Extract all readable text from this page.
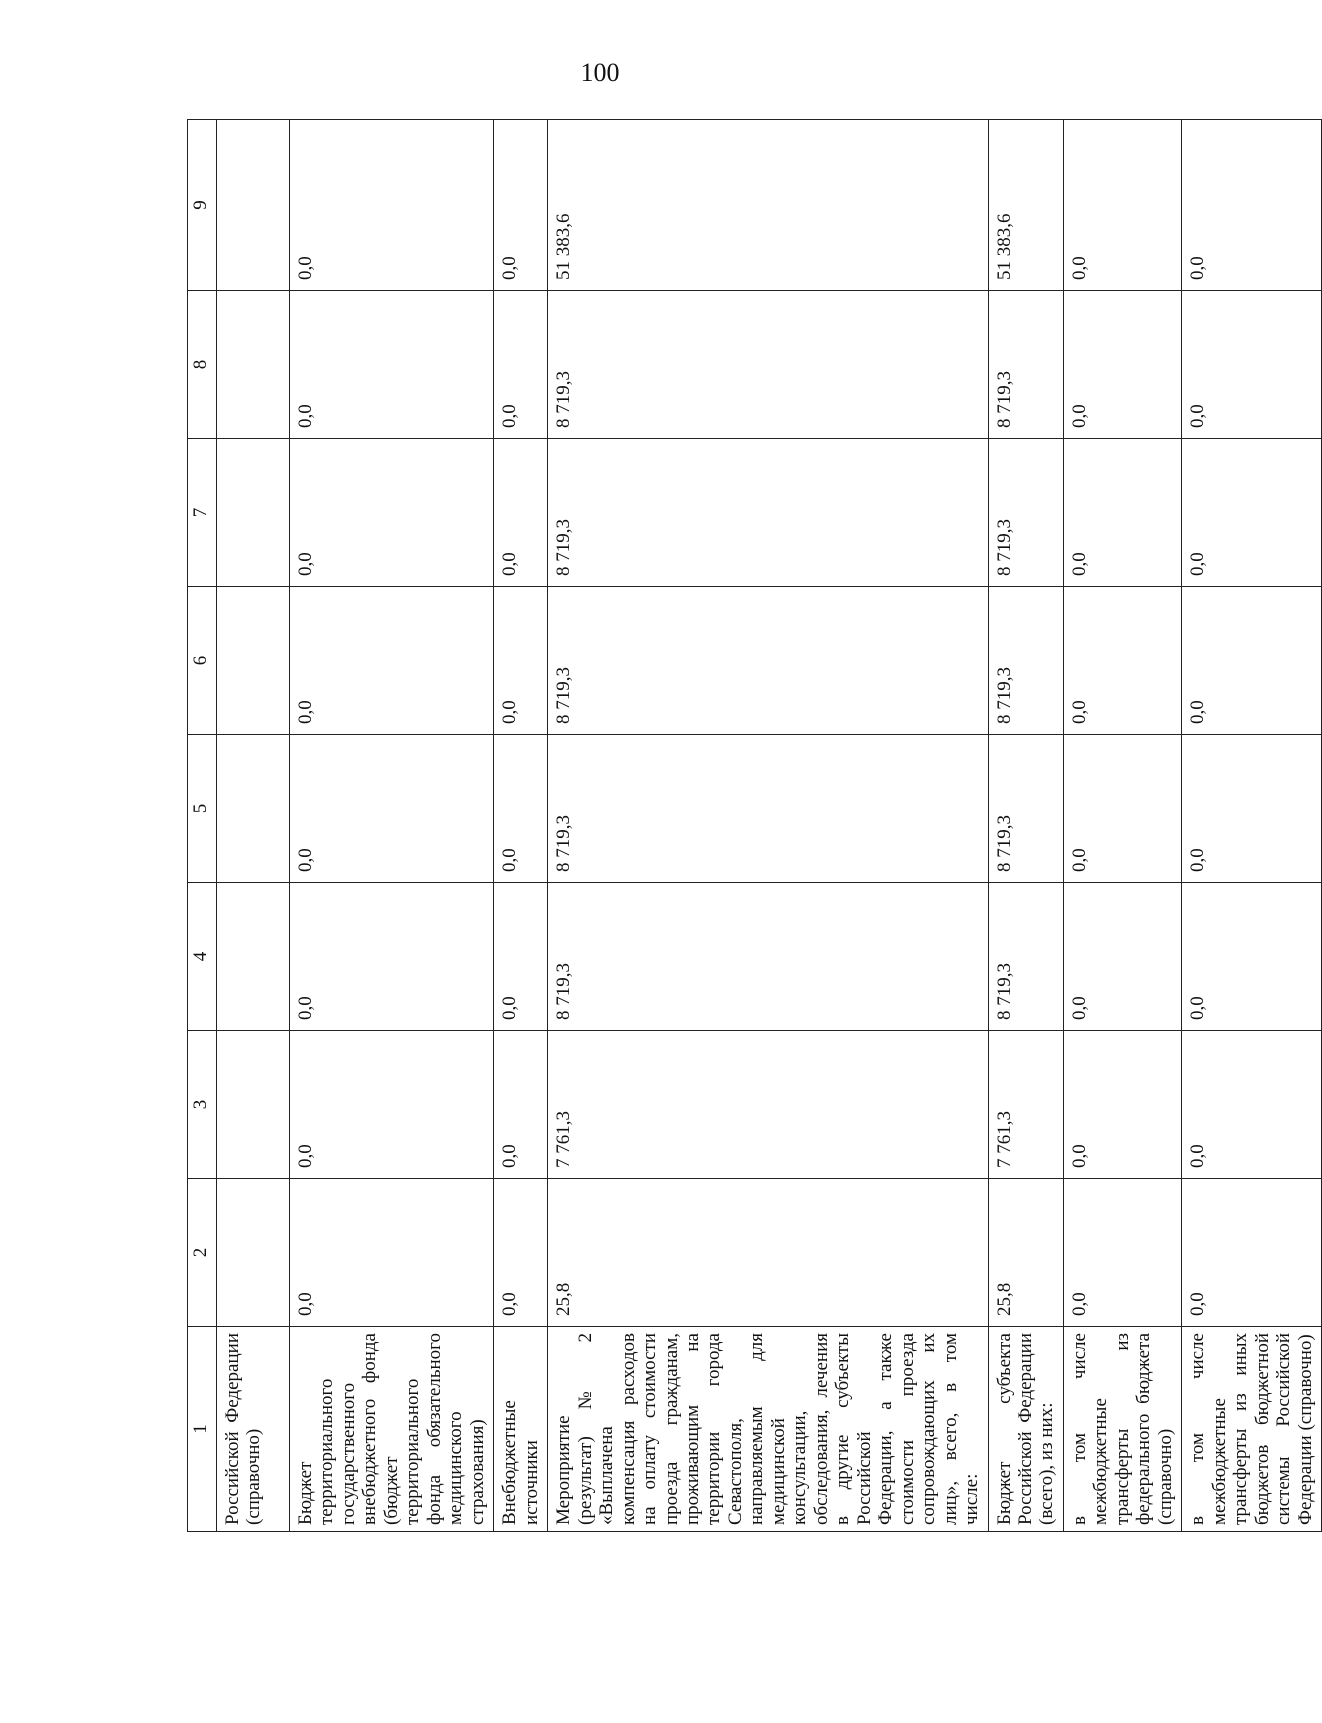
100
1	2	3	4	5	6	7	8	9
Российской Федерации (справочно)								
Бюджет территориального государственного внебюджетного фонда (бюджет территориального фонда обязательного медицинского страхования)	0,0	0,0	0,0	0,0	0,0	0,0	0,0	0,0
Внебюджетные источники	0,0	0,0	0,0	0,0	0,0	0,0	0,0	0,0
Мероприятие (результат) № 2 «Выплачена компенсация расходов на оплату стоимости проезда гражданам, проживающим на территории города Севастополя, направляемым для медицинской консультации, обследования, лечения в другие субъекты Российской Федерации, а также стоимости проезда сопровождающих их лиц», всего, в том числе:	25,8	7 761,3	8 719,3	8 719,3	8 719,3	8 719,3	8 719,3	51 383,6
Бюджет субъекта Российской Федерации (всего), из них:	25,8	7 761,3	8 719,3	8 719,3	8 719,3	8 719,3	8 719,3	51 383,6
в том числе межбюджетные трансферты из федерального бюджета (справочно)	0,0	0,0	0,0	0,0	0,0	0,0	0,0	0,0
в том числе межбюджетные трансферты из иных бюджетов бюджетной системы Российской Федерации (справочно)	0,0	0,0	0,0	0,0	0,0	0,0	0,0	0,0
